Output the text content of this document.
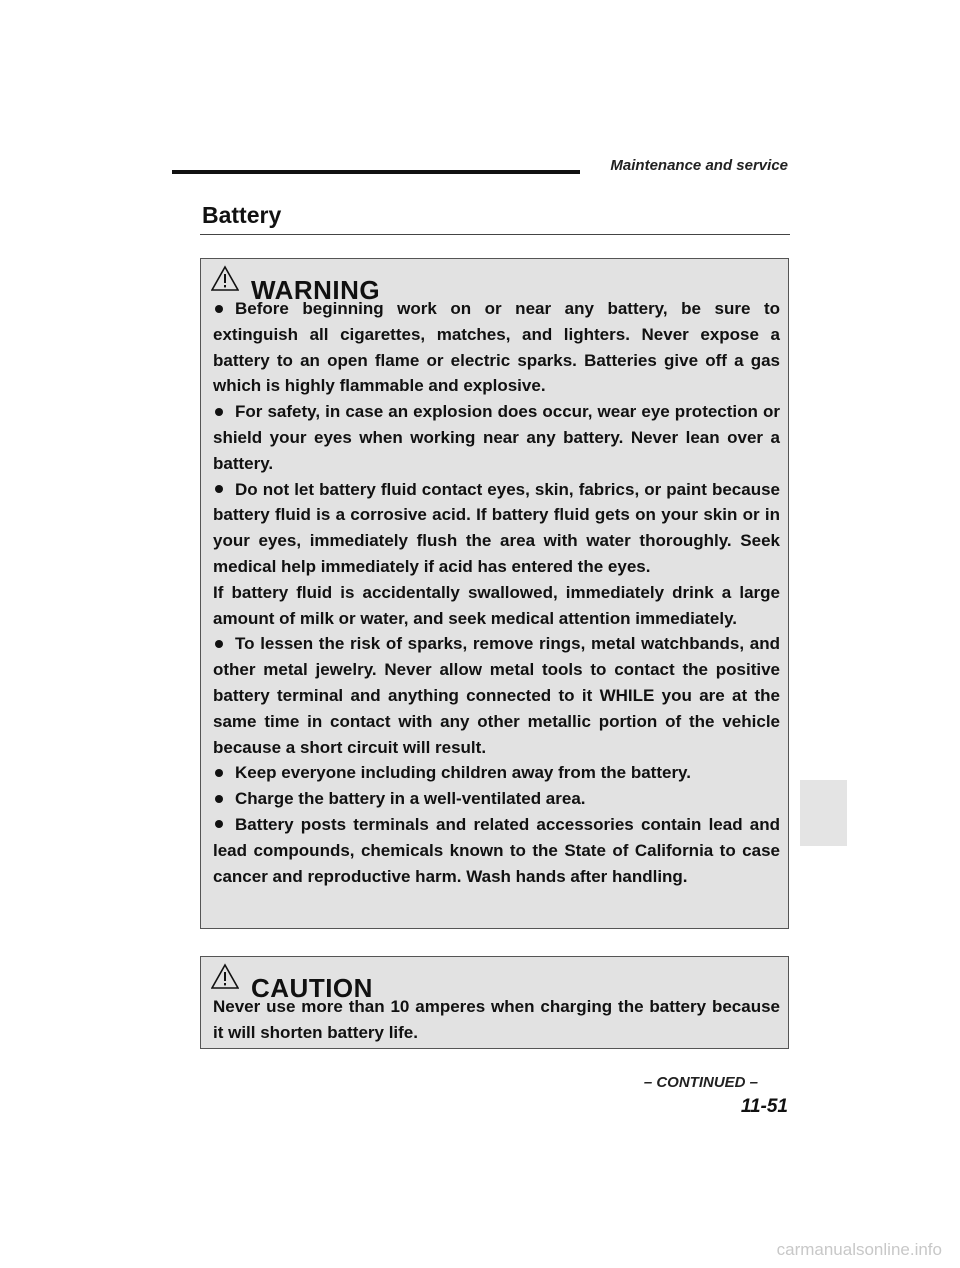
Maintenance and service
Battery
WARNING

Before beginning work on or near any battery, be sure to extinguish all cigarettes, matches, and lighters. Never expose a battery to an open flame or electric sparks. Batteries give off a gas which is highly flammable and explosive.

For safety, in case an explosion does occur, wear eye protection or shield your eyes when working near any battery. Never lean over a battery.

Do not let battery fluid contact eyes, skin, fabrics, or paint because battery fluid is a corrosive acid. If battery fluid gets on your skin or in your eyes, immediately flush the area with water thoroughly. Seek medical help immediately if acid has entered the eyes.

If battery fluid is accidentally swallowed, immediately drink a large amount of milk or water, and seek medical attention immediately.

To lessen the risk of sparks, remove rings, metal watchbands, and other metal jewelry. Never allow metal tools to contact the positive battery terminal and anything connected to it WHILE you are at the same time in contact with any other metallic portion of the vehicle because a short circuit will result.

Keep everyone including children away from the battery.

Charge the battery in a well-ventilated area.

Battery posts terminals and related accessories contain lead and lead compounds, chemicals known to the State of California to case cancer and reproductive harm. Wash hands after handling.

CAUTION
Never use more than 10 amperes when charging the battery because it will shorten battery life.
– CONTINUED –
11-51
carmanualsonline.info
